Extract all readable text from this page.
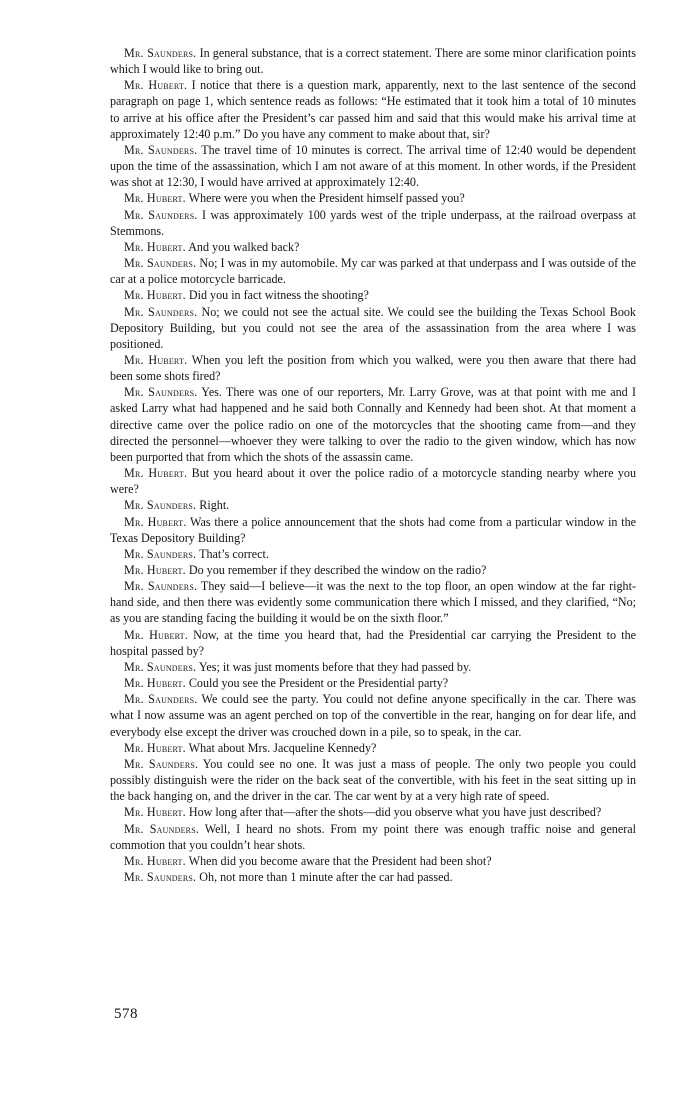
Mr. Saunders. In general substance, that is a correct statement. There are some minor clarification points which I would like to bring out.

Mr. Hubert. I notice that there is a question mark, apparently, next to the last sentence of the second paragraph on page 1, which sentence reads as follows: “He estimated that it took him a total of 10 minutes to arrive at his office after the President’s car passed him and said that this would make his arrival time at approximately 12:40 p.m.” Do you have any comment to make about that, sir?

Mr. Saunders. The travel time of 10 minutes is correct. The arrival time of 12:40 would be dependent upon the time of the assassination, which I am not aware of at this moment. In other words, if the President was shot at 12:30, I would have arrived at approximately 12:40.

Mr. Hubert. Where were you when the President himself passed you?

Mr. Saunders. I was approximately 100 yards west of the triple underpass, at the railroad overpass at Stemmons.

Mr. Hubert. And you walked back?

Mr. Saunders. No; I was in my automobile. My car was parked at that underpass and I was outside of the car at a police motorcycle barricade.

Mr. Hubert. Did you in fact witness the shooting?

Mr. Saunders. No; we could not see the actual site. We could see the building the Texas School Book Depository Building, but you could not see the area of the assassination from the area where I was positioned.

Mr. Hubert. When you left the position from which you walked, were you then aware that there had been some shots fired?

Mr. Saunders. Yes. There was one of our reporters, Mr. Larry Grove, was at that point with me and I asked Larry what had happened and he said both Connally and Kennedy had been shot. At that moment a directive came over the police radio on one of the motorcycles that the shooting came from—and they directed the personnel—whoever they were talking to over the radio to the given window, which has now been purported that from which the shots of the assassin came.

Mr. Hubert. But you heard about it over the police radio of a motorcycle standing nearby where you were?

Mr. Saunders. Right.

Mr. Hubert. Was there a police announcement that the shots had come from a particular window in the Texas Depository Building?

Mr. Saunders. That’s correct.

Mr. Hubert. Do you remember if they described the window on the radio?

Mr. Saunders. They said—I believe—it was the next to the top floor, an open window at the far right-hand side, and then there was evidently some communication there which I missed, and they clarified, “No; as you are standing facing the building it would be on the sixth floor.”

Mr. Hubert. Now, at the time you heard that, had the Presidential car carrying the President to the hospital passed by?

Mr. Saunders. Yes; it was just moments before that they had passed by.

Mr. Hubert. Could you see the President or the Presidential party?

Mr. Saunders. We could see the party. You could not define anyone specifically in the car. There was what I now assume was an agent perched on top of the convertible in the rear, hanging on for dear life, and everybody else except the driver was crouched down in a pile, so to speak, in the car.

Mr. Hubert. What about Mrs. Jacqueline Kennedy?

Mr. Saunders. You could see no one. It was just a mass of people. The only two people you could possibly distinguish were the rider on the back seat of the convertible, with his feet in the seat sitting up in the back hanging on, and the driver in the car. The car went by at a very high rate of speed.

Mr. Hubert. How long after that—after the shots—did you observe what you have just described?

Mr. Saunders. Well, I heard no shots. From my point there was enough traffic noise and general commotion that you couldn’t hear shots.

Mr. Hubert. When did you become aware that the President had been shot?

Mr. Saunders. Oh, not more than 1 minute after the car had passed.

578
